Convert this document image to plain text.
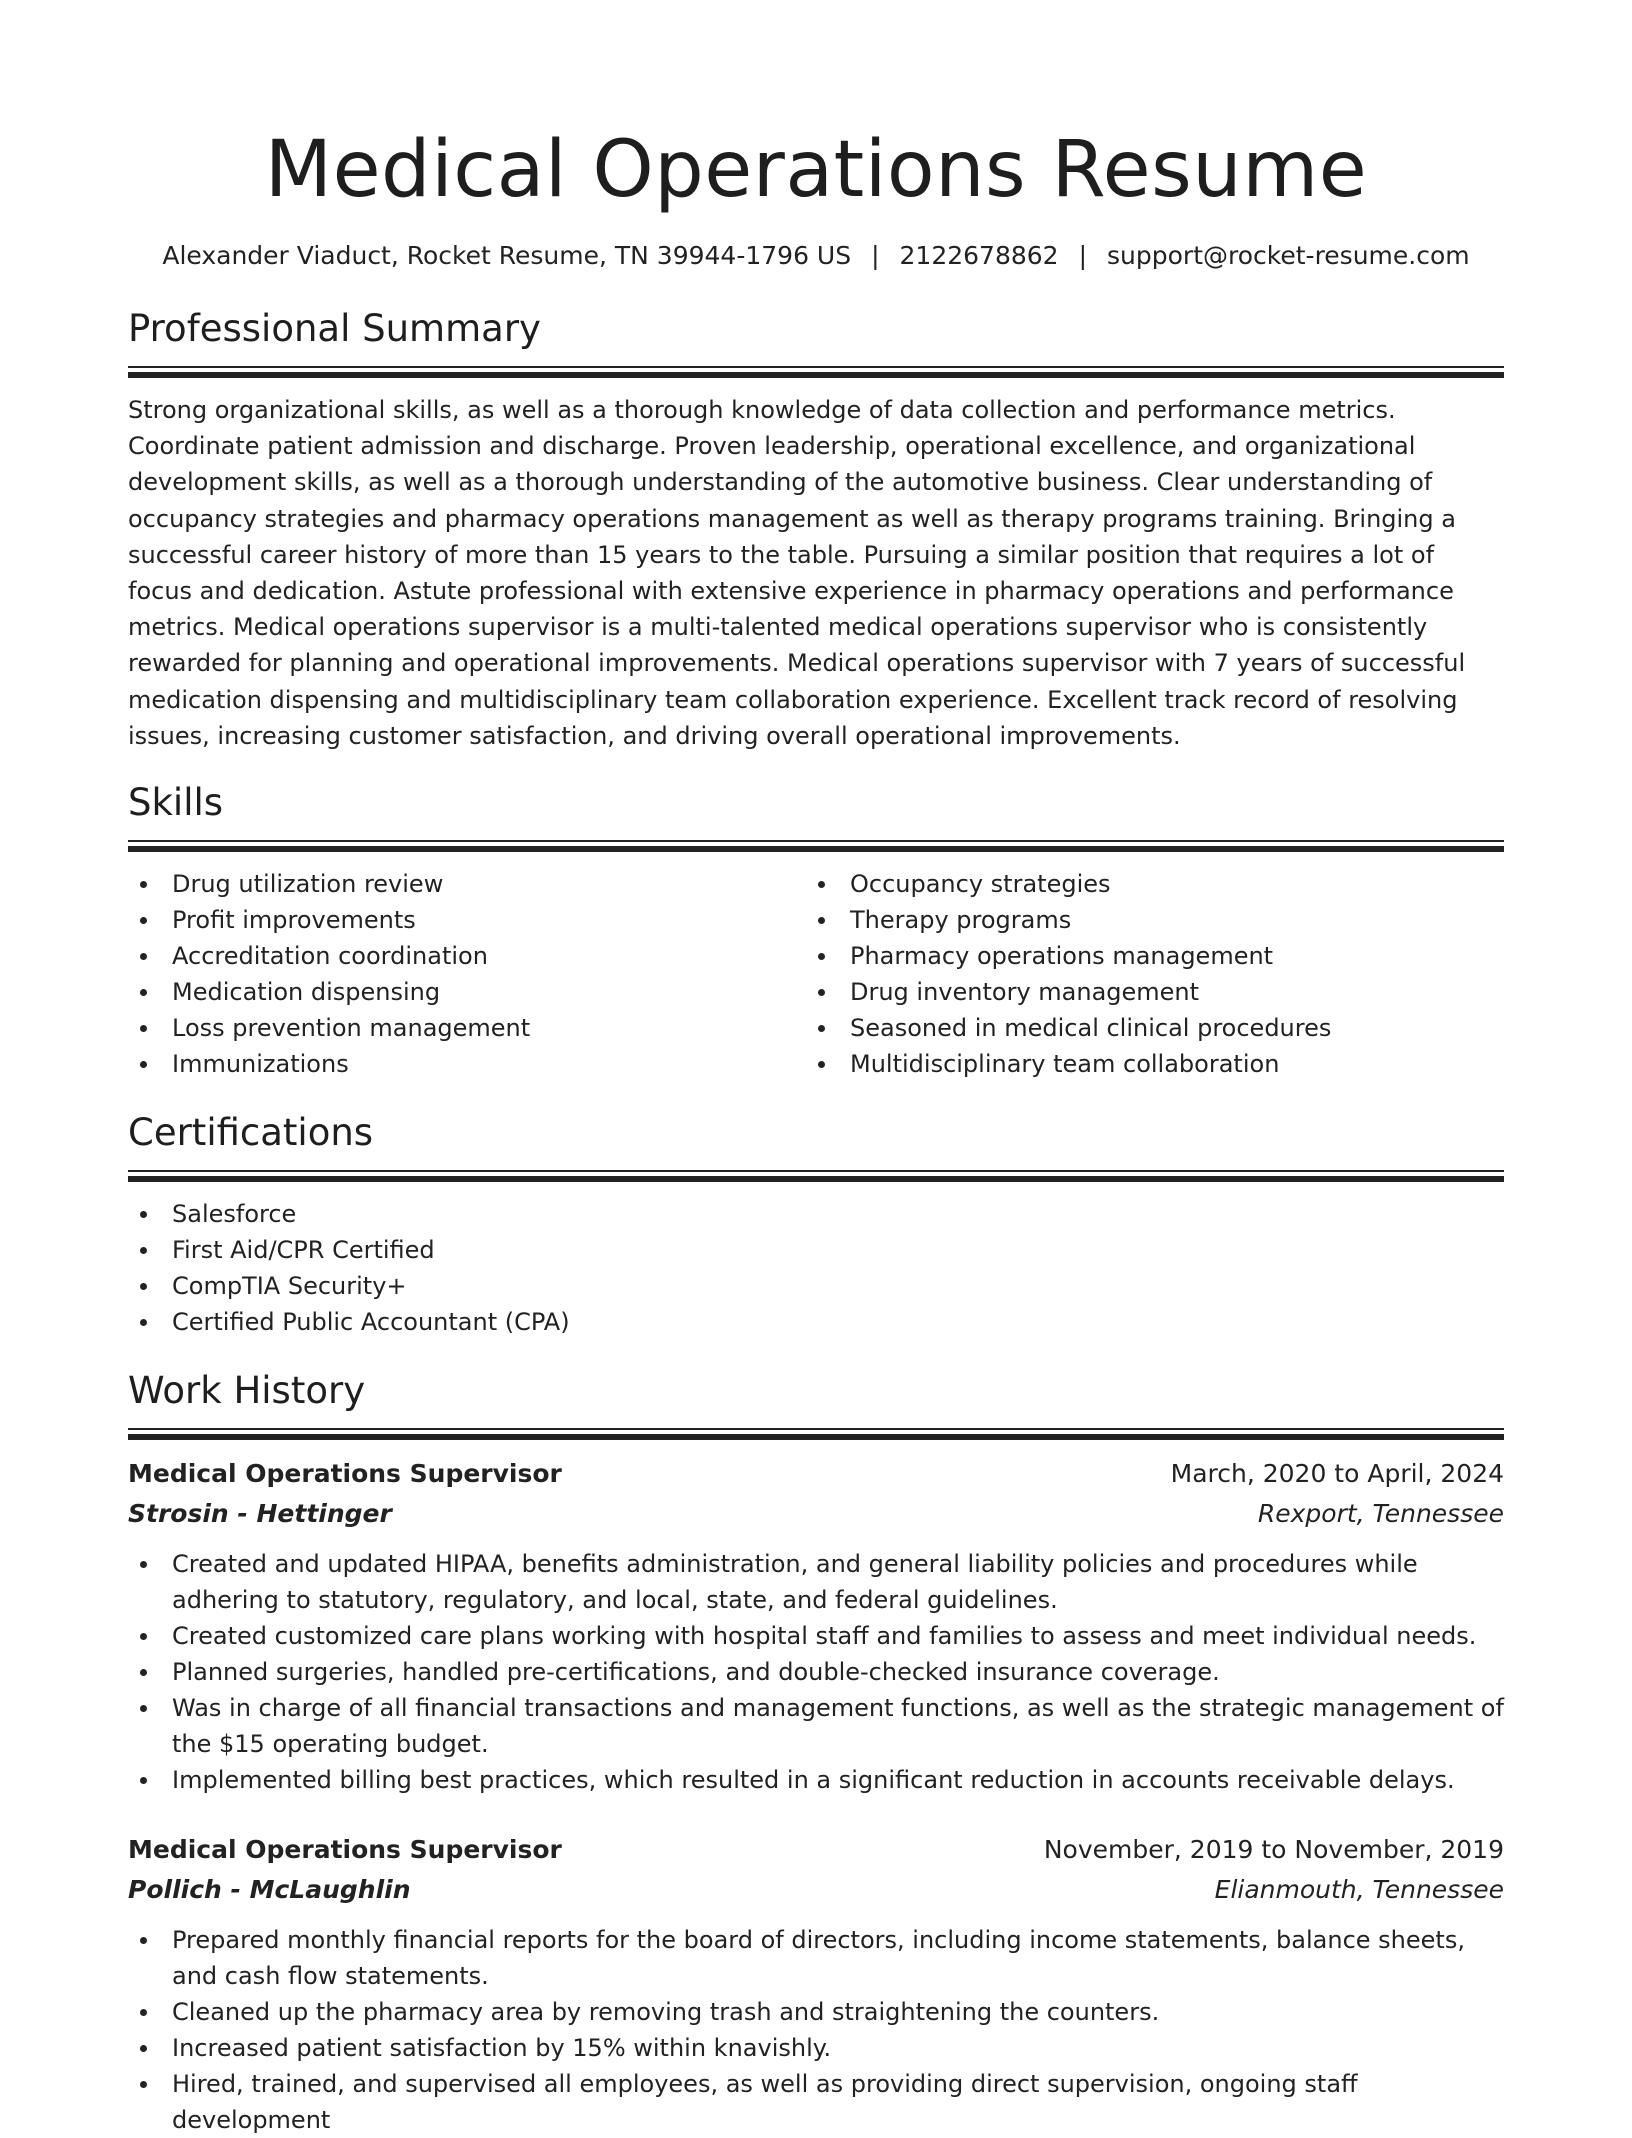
Medical Operations Resume
Alexander Viaduct, Rocket Resume, TN 39944-1796 US | 2122678862 | support@rocket-resume.com
Professional Summary

Strong organizational skills, as well as a thorough knowledge of data collection and performance metrics. Coordinate patient admission and discharge. Proven leadership, operational excellence, and organizational development skills, as well as a thorough understanding of the automotive business. Clear understanding of occupancy strategies and pharmacy operations management as well as therapy programs training. Bringing a successful career history of more than 15 years to the table. Pursuing a similar position that requires a lot of focus and dedication. Astute professional with extensive experience in pharmacy operations and performance metrics. Medical operations supervisor is a multi-talented medical operations supervisor who is consistently rewarded for planning and operational improvements. Medical operations supervisor with 7 years of successful medication dispensing and multidisciplinary team collaboration experience. Excellent track record of resolving issues, increasing customer satisfaction, and driving overall operational improvements.

Skills
Drug utilization review
Profit improvements
Accreditation coordination
Medication dispensing
Loss prevention management
Immunizations
Occupancy strategies
Therapy programs
Pharmacy operations management
Drug inventory management
Seasoned in medical clinical procedures
Multidisciplinary team collaboration
Certifications
Salesforce
First Aid/CPR Certified
CompTIA Security+
Certified Public Accountant (CPA)
Work History
Medical Operations Supervisor	March, 2020 to April, 2024
Strosin - Hettinger	Rexport, Tennessee
Created and updated HIPAA, benefits administration, and general liability policies and procedures while adhering to statutory, regulatory, and local, state, and federal guidelines.
Created customized care plans working with hospital staff and families to assess and meet individual needs.
Planned surgeries, handled pre-certifications, and double-checked insurance coverage.
Was in charge of all financial transactions and management functions, as well as the strategic management of the $15 operating budget.
Implemented billing best practices, which resulted in a significant reduction in accounts receivable delays.
Medical Operations Supervisor	November, 2019 to November, 2019
Pollich - McLaughlin	Elianmouth, Tennessee
Prepared monthly financial reports for the board of directors, including income statements, balance sheets, and cash flow statements.
Cleaned up the pharmacy area by removing trash and straightening the counters.
Increased patient satisfaction by 15% within knavishly.
Hired, trained, and supervised all employees, as well as providing direct supervision, ongoing staff development
